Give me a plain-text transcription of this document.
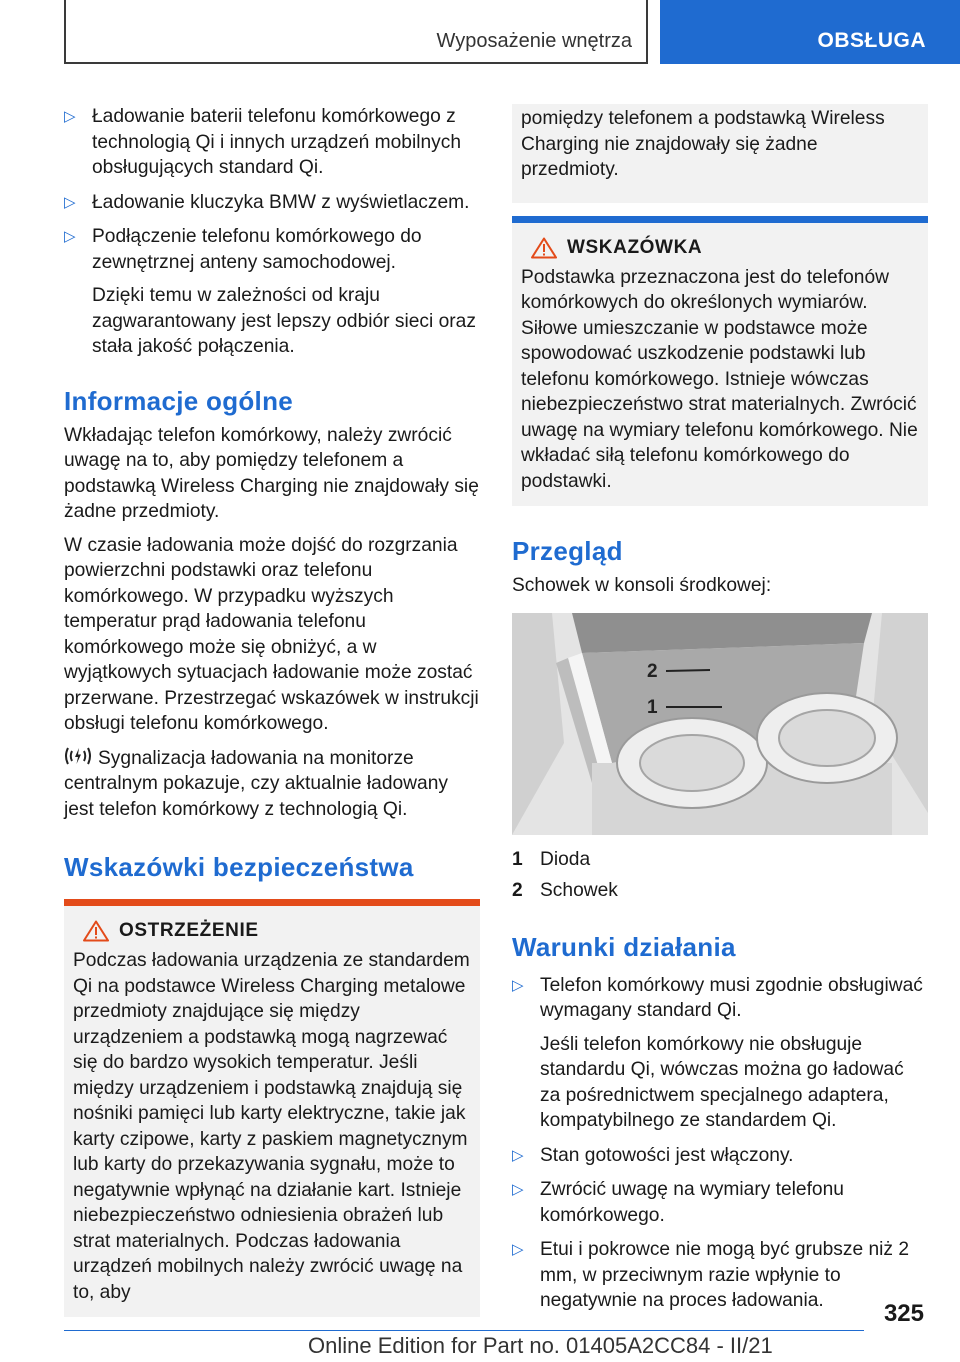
Wyposażenie wnętrza	OBSŁUGA
▷ Ładowanie baterii telefonu komórkowego z technologią Qi i innych urządzeń mobilnych obsługujących standard Qi.

▷ Ładowanie kluczyka BMW z wyświetlaczem.

▷ Podłączenie telefonu komórkowego do zewnętrznej anteny samochodowej.

Dzięki temu w zależności od kraju zagwarantowany jest lepszy odbiór sieci oraz stała jakość połączenia.

Informacje ogólne

Wkładając telefon komórkowy, należy zwrócić uwagę na to, aby pomiędzy telefonem a podstawką Wireless Charging nie znajdowały się żadne przedmioty.

W czasie ładowania może dojść do rozgrzania powierzchni podstawki oraz telefonu komórkowego. W przypadku wyższych temperatur prąd ładowania telefonu komórkowego może się obniżyć, a w wyjątkowych sytuacjach ładowanie może zostać przerwane. Przestrzegać wskazówek w instrukcji obsługi telefonu komórkowego.

Sygnalizacja ładowania na monitorze centralnym pokazuje, czy aktualnie ładowany jest telefon komórkowy z technologią Qi.

Wskazówki bezpieczeństwa
OSTRZEŻENIE

Podczas ładowania urządzenia ze standardem Qi na podstawce Wireless Charging metalowe przedmioty znajdujące się między urządzeniem a podstawką mogą nagrzewać się do bardzo wysokich temperatur. Jeśli między urządzeniem i podstawką znajdują się nośniki pamięci lub karty elektryczne, takie jak karty czipowe, karty z paskiem magnetycznym lub karty do przekazywania sygnału, może to negatywnie wpłynąć na działanie kart. Istnieje niebezpieczeństwo odniesienia obrażeń lub strat materialnych. Podczas ładowania urządzeń mobilnych należy zwrócić uwagę na to, aby

pomiędzy telefonem a podstawką Wireless Charging nie znajdowały się żadne przedmioty.

WSKAZÓWKA

Podstawka przeznaczona jest do telefonów komórkowych do określonych wymiarów. Siłowe umieszczanie w podstawce może spowodować uszkodzenie podstawki lub telefonu komórkowego. Istnieje wówczas niebezpieczeństwo strat materialnych. Zwrócić uwagę na wymiary telefonu komórkowego. Nie wkładać siłą telefonu komórkowego do podstawki.

Przegląd

Schowek w konsoli środkowej:

2
1
1 Dioda
2 Schowek
Warunki działania
▷ Telefon komórkowy musi zgodnie obsługiwać wymagany standard Qi.

Jeśli telefon komórkowy nie obsługuje standardu Qi, wówczas można go ładować za pośrednictwem specjalnego adaptera, kompatybilnego ze standardem Qi.

▷ Stan gotowości jest włączony.

▷ Zwrócić uwagę na wymiary telefonu komórkowego.

▷ Etui i pokrowce nie mogą być grubsze niż 2 mm, w przeciwnym razie wpłynie to negatywnie na proces ładowania.	325
Online Edition for Part no. 01405A2CC84 - II/21
